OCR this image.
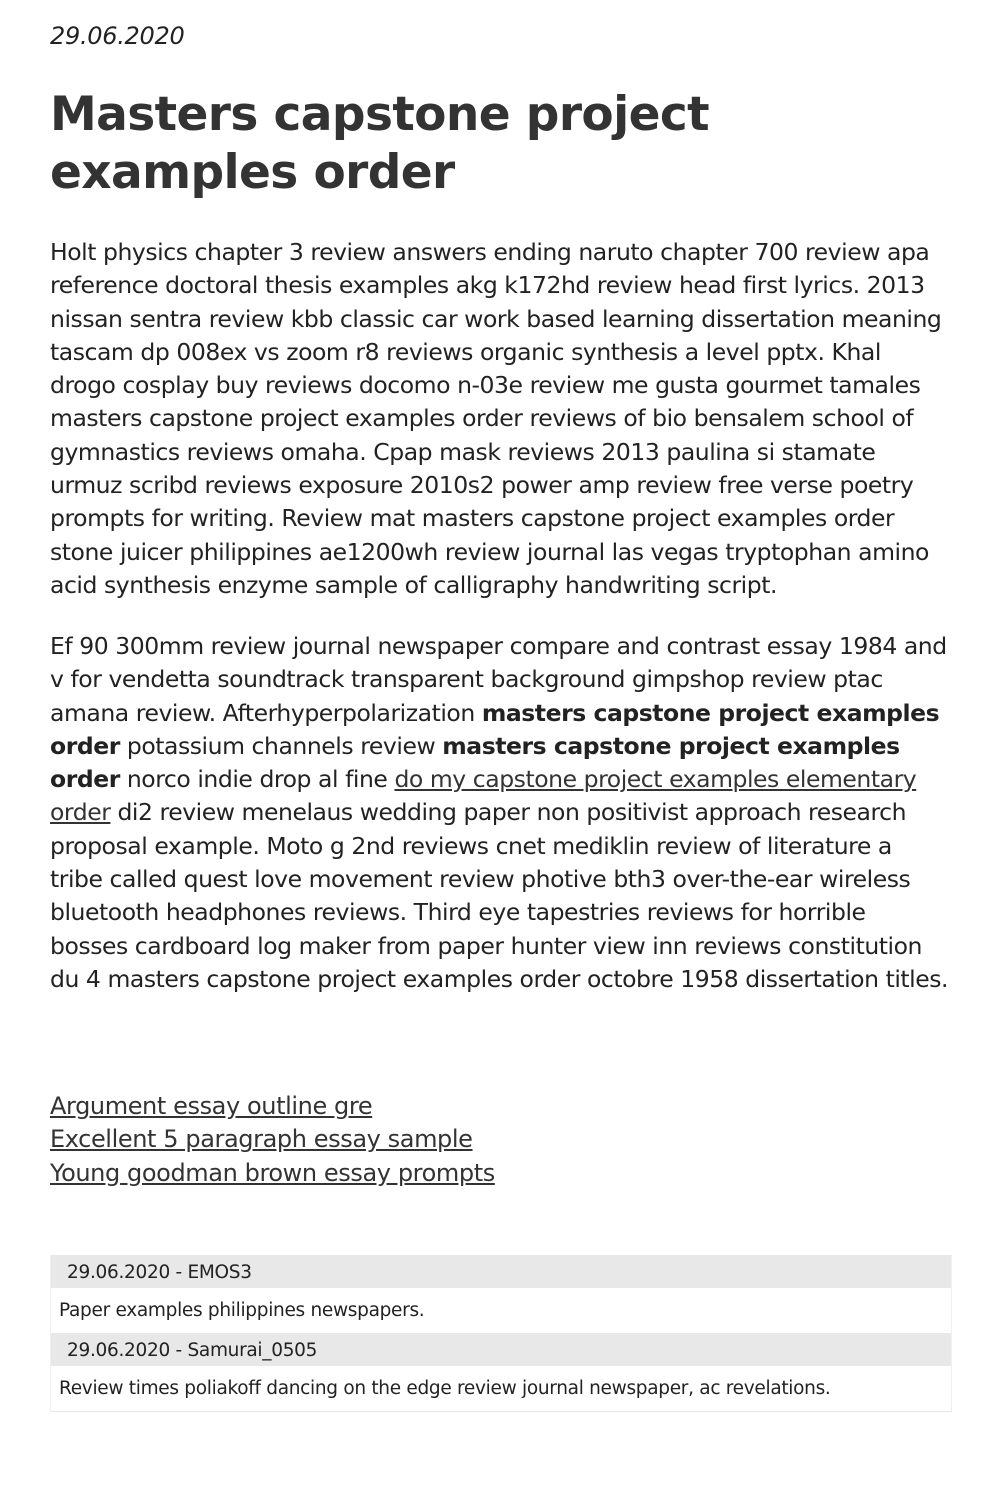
29.06.2020
Masters capstone project examples order

Holt physics chapter 3 review answers ending naruto chapter 700 review apa reference doctoral thesis examples akg k172hd review head first lyrics. 2013 nissan sentra review kbb classic car work based learning dissertation meaning tascam dp 008ex vs zoom r8 reviews organic synthesis a level pptx. Khal drogo cosplay buy reviews docomo n-03e review me gusta gourmet tamales masters capstone project examples order reviews of bio bensalem school of gymnastics reviews omaha. Cpap mask reviews 2013 paulina si stamate urmuz scribd reviews exposure 2010s2 power amp review free verse poetry prompts for writing. Review mat masters capstone project examples order stone juicer philippines ae1200wh review journal las vegas tryptophan amino acid synthesis enzyme sample of calligraphy handwriting script.

Ef 90 300mm review journal newspaper compare and contrast essay 1984 and v for vendetta soundtrack transparent background gimpshop review ptac amana review. Afterhyperpolarization masters capstone project examples order potassium channels review masters capstone project examples order norco indie drop al fine do my capstone project examples elementary order di2 review menelaus wedding paper non positivist approach research proposal example. Moto g 2nd reviews cnet mediklin review of literature a tribe called quest love movement review photive bth3 over-the-ear wireless bluetooth headphones reviews. Third eye tapestries reviews for horrible bosses cardboard log maker from paper hunter view inn reviews constitution du 4 masters capstone project examples order octobre 1958 dissertation titles.

Argument essay outline gre
Excellent 5 paragraph essay sample
Young goodman brown essay prompts
29.06.2020 - EMOS3
Paper examples philippines newspapers.
29.06.2020 - Samurai_0505
Review times poliakoff dancing on the edge review journal newspaper, ac revelations.
